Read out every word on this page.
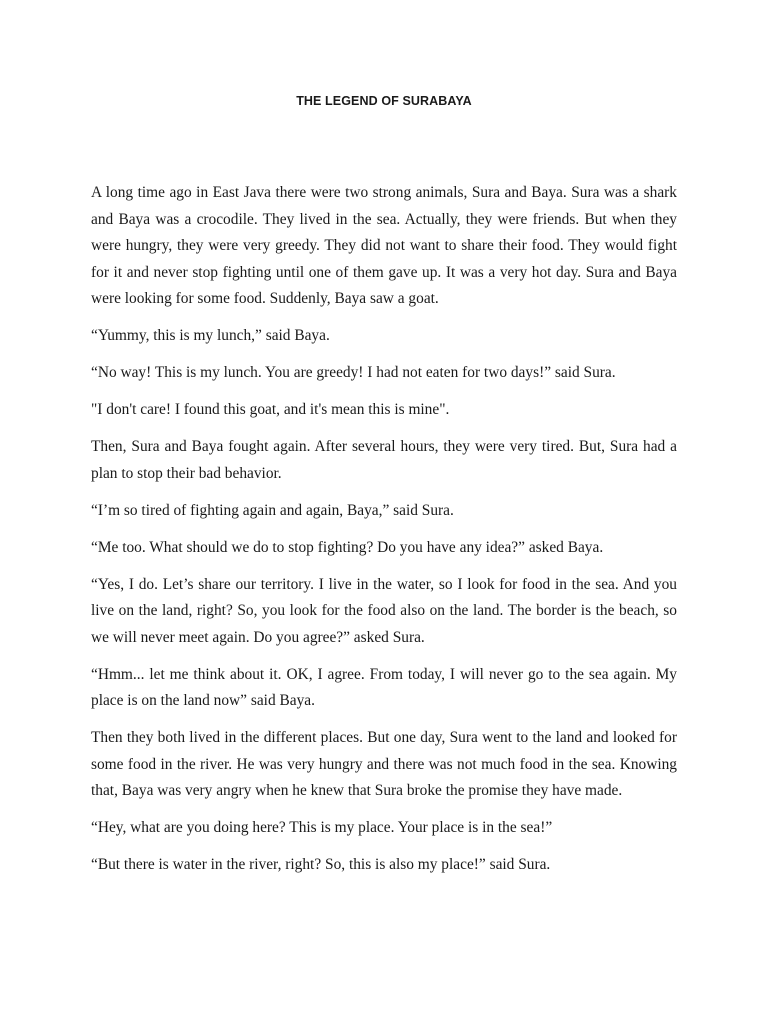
THE LEGEND OF SURABAYA

A long time ago in East Java there were two strong animals, Sura and Baya. Sura was a shark and Baya was a crocodile. They lived in the sea. Actually, they were friends. But when they were hungry, they were very greedy. They did not want to share their food. They would fight for it and never stop fighting until one of them gave up. It was a very hot day. Sura and Baya were looking for some food. Suddenly, Baya saw a goat.

“Yummy, this is my lunch,” said Baya.

“No way! This is my lunch. You are greedy! I had not eaten for two days!” said Sura.

"I don't care! I found this goat, and it's mean this is mine".

Then, Sura and Baya fought again. After several hours, they were very tired. But, Sura had a plan to stop their bad behavior.

“I’m so tired of fighting again and again, Baya,” said Sura.

“Me too. What should we do to stop fighting? Do you have any idea?” asked Baya.

“Yes, I do. Let’s share our territory. I live in the water, so I look for food in the sea. And you live on the land, right? So, you look for the food also on the land. The border is the beach, so we will never meet again. Do you agree?” asked Sura.

“Hmm... let me think about it. OK, I agree. From today, I will never go to the sea again. My place is on the land now” said Baya.

Then they both lived in the different places. But one day, Sura went to the land and looked for some food in the river. He was very hungry and there was not much food in the sea. Knowing that, Baya was very angry when he knew that Sura broke the promise they have made.

“Hey, what are you doing here? This is my place. Your place is in the sea!”

“But there is water in the river, right? So, this is also my place!” said Sura.
